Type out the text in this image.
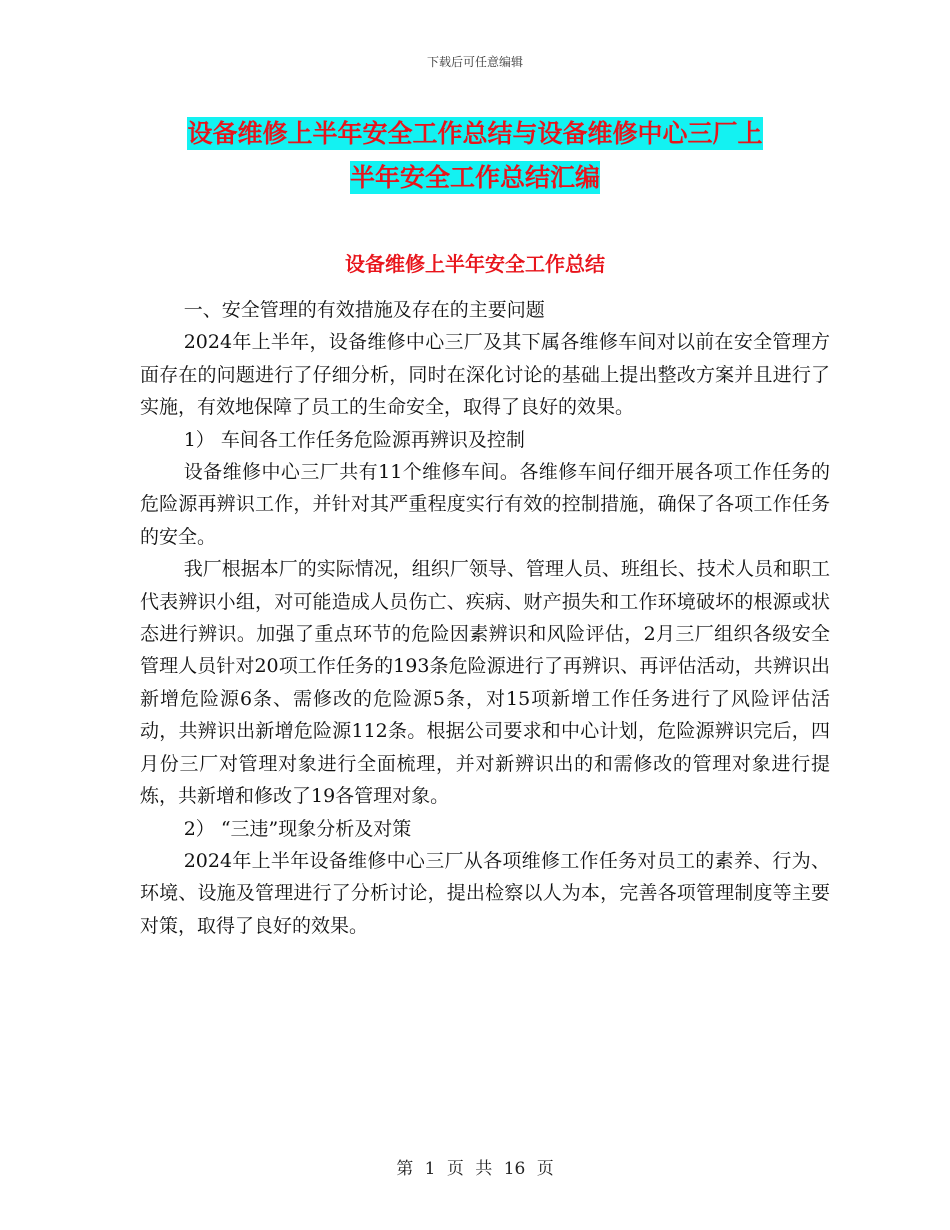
下载后可任意编辑
设备维修上半年安全工作总结与设备维修中心三厂上
半年安全工作总结汇编
设备维修上半年安全工作总结

一、安全管理的有效措施及存在的主要问题

2024年上半年，设备维修中心三厂及其下属各维修车间对以前在安全管理方面存在的问题进行了仔细分析，同时在深化讨论的基础上提出整改方案并且进行了实施，有效地保障了员工的生命安全，取得了良好的效果。

1） 车间各工作任务危险源再辨识及控制

设备维修中心三厂共有11个维修车间。各维修车间仔细开展各项工作任务的危险源再辨识工作，并针对其严重程度实行有效的控制措施，确保了各项工作任务的安全。

我厂根据本厂的实际情况，组织厂领导、管理人员、班组长、技术人员和职工代表辨识小组，对可能造成人员伤亡、疾病、财产损失和工作环境破坏的根源或状态进行辨识。加强了重点环节的危险因素辨识和风险评估，2月三厂组织各级安全管理人员针对20项工作任务的193条危险源进行了再辨识、再评估活动，共辨识出新增危险源6条、需修改的危险源5条，对15项新增工作任务进行了风险评估活动，共辨识出新增危险源112条。根据公司要求和中心计划，危险源辨识完后，四月份三厂对管理对象进行全面梳理，并对新辨识出的和需修改的管理对象进行提炼，共新增和修改了19各管理对象。

2） “三违”现象分析及对策

2024年上半年设备维修中心三厂从各项维修工作任务对员工的素养、行为、环境、设施及管理进行了分析讨论，提出检察以人为本，完善各项管理制度等主要对策，取得了良好的效果。

第 1 页 共 16 页
